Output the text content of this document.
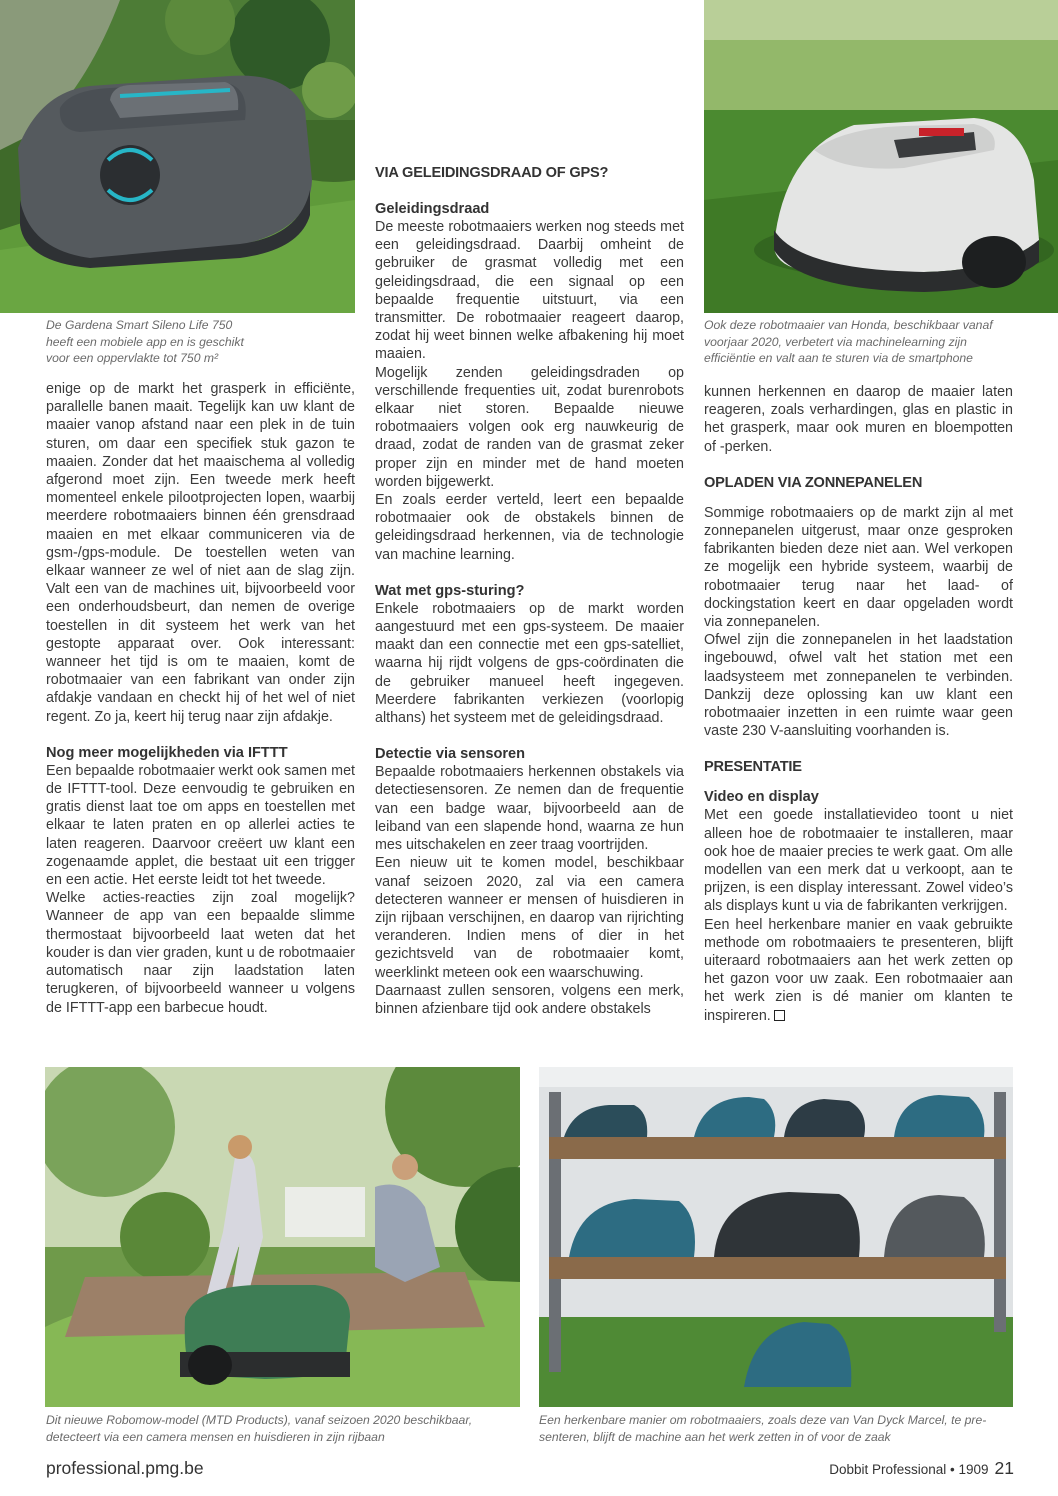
De Gardena Smart Sileno Life 750
heeft een mobiele app en is geschikt
voor een oppervlakte tot 750 m²
Ook deze robotmaaier van Honda, beschikbaar vanaf
voorjaar 2020, verbetert via machinelearning zijn
efficiëntie en valt aan te sturen via de smartphone
Dit nieuwe Robomow-model (MTD Products), vanaf seizoen 2020 beschikbaar,
detecteert via een camera mensen en huisdieren in zijn rijbaan
Een herkenbare manier om robotmaaiers, zoals deze van Van Dyck Marcel, te pre-
senteren, blijft de machine aan het werk zetten in of voor de zaak

enige op de markt het grasperk in efficiënte, parallelle banen maait. Tegelijk kan uw klant de maaier vanop afstand naar een plek in de tuin sturen, om daar een specifiek stuk gazon te maaien. Zonder dat het maaischema al volledig afgerond moet zijn. Een tweede merk heeft momenteel enkele pilootprojecten lopen, waarbij meerdere robotmaaiers binnen één grensdraad maaien en met elkaar communiceren via de gsm-/gps-module. De toestellen weten van elkaar wanneer ze wel of niet aan de slag zijn. Valt een van de machines uit, bijvoorbeeld voor een onderhoudsbeurt, dan nemen de overige toestellen in dit systeem het werk van het gestopte apparaat over. Ook interessant: wanneer het tijd is om te maaien, komt de robotmaaier van een fabrikant van onder zijn afdakje vandaan en checkt hij of het wel of niet regent. Zo ja, keert hij terug naar zijn afdakje.

Nog meer mogelijkheden via IFTTT

Een bepaalde robotmaaier werkt ook samen met de IFTTT-tool. Deze eenvoudig te gebruiken en gratis dienst laat toe om apps en toestellen met elkaar te laten praten en op allerlei acties te laten reageren. Daarvoor creëert uw klant een zogenaamde applet, die bestaat uit een trigger en een actie. Het eerste leidt tot het tweede.

Welke acties-reacties zijn zoal mogelijk? Wanneer de app van een bepaalde slimme thermostaat bijvoorbeeld laat weten dat het kouder is dan vier graden, kunt u de robotmaaier automatisch naar zijn laadstation laten terugkeren, of bijvoorbeeld wanneer u volgens de IFTTT-app een barbecue houdt.

VIA GELEIDINGSDRAAD OF GPS?
Geleidingsdraad

De meeste robotmaaiers werken nog steeds met een geleidingsdraad. Daarbij omheint de gebruiker de grasmat volledig met een geleidingsdraad, die een signaal op een bepaalde frequentie uitstuurt, via een transmitter. De robotmaaier reageert daarop, zodat hij weet binnen welke afbakening hij moet maaien.

Mogelijk zenden geleidingsdraden op verschillende frequenties uit, zodat burenrobots elkaar niet storen. Bepaalde nieuwe robotmaaiers volgen ook erg nauwkeurig de draad, zodat de randen van de grasmat zeker proper zijn en minder met de hand moeten worden bijgewerkt.

En zoals eerder verteld, leert een bepaalde robotmaaier ook de obstakels binnen de geleidingsdraad herkennen, via de technologie van machine learning.

Wat met gps-sturing?

Enkele robotmaaiers op de markt worden aangestuurd met een gps-systeem. De maaier maakt dan een connectie met een gps-satelliet, waarna hij rijdt volgens de gps-coördinaten die de gebruiker manueel heeft ingegeven. Meerdere fabrikanten verkiezen (voorlopig althans) het systeem met de geleidingsdraad.

Detectie via sensoren

Bepaalde robotmaaiers herkennen obstakels via detectiesensoren. Ze nemen dan de frequentie van een badge waar, bijvoorbeeld aan de leiband van een slapende hond, waarna ze hun mes uitschakelen en zeer traag voortrijden.

Een nieuw uit te komen model, beschikbaar vanaf seizoen 2020, zal via een camera detecteren wanneer er mensen of huisdieren in zijn rijbaan verschijnen, en daarop van rijrichting veranderen. Indien mens of dier in het gezichtsveld van de robotmaaier komt, weerklinkt meteen ook een waarschuwing.

Daarnaast zullen sensoren, volgens een merk, binnen afzienbare tijd ook andere obstakels

kunnen herkennen en daarop de maaier laten reageren, zoals verhardingen, glas en plastic in het grasperk, maar ook muren en bloempotten of -perken.

OPLADEN VIA ZONNEPANELEN

Sommige robotmaaiers op de markt zijn al met zonnepanelen uitgerust, maar onze gesproken fabrikanten bieden deze niet aan. Wel verkopen ze mogelijk een hybride systeem, waarbij de robotmaaier terug naar het laad- of dockingstation keert en daar opgeladen wordt via zonnepanelen.

Ofwel zijn die zonnepanelen in het laadstation ingebouwd, ofwel valt het station met een laadsysteem met zonnepanelen te verbinden. Dankzij deze oplossing kan uw klant een robotmaaier inzetten in een ruimte waar geen vaste 230 V-aansluiting voorhanden is.

PRESENTATIE
Video en display

Met een goede installatievideo toont u niet alleen hoe de robotmaaier te installeren, maar ook hoe de maaier precies te werk gaat. Om alle modellen van een merk dat u verkoopt, aan te prijzen, is een display interessant. Zowel video’s als displays kunt u via de fabrikanten verkrijgen.

Een heel herkenbare manier en vaak gebruikte methode om robotmaaiers te presenteren, blijft uiteraard robotmaaiers aan het werk zetten op het gazon voor uw zaak. Een robotmaaier aan het werk zien is dé manier om klanten te inspireren.

professional.pmg.be	Dobbit Professional • 1909 21
